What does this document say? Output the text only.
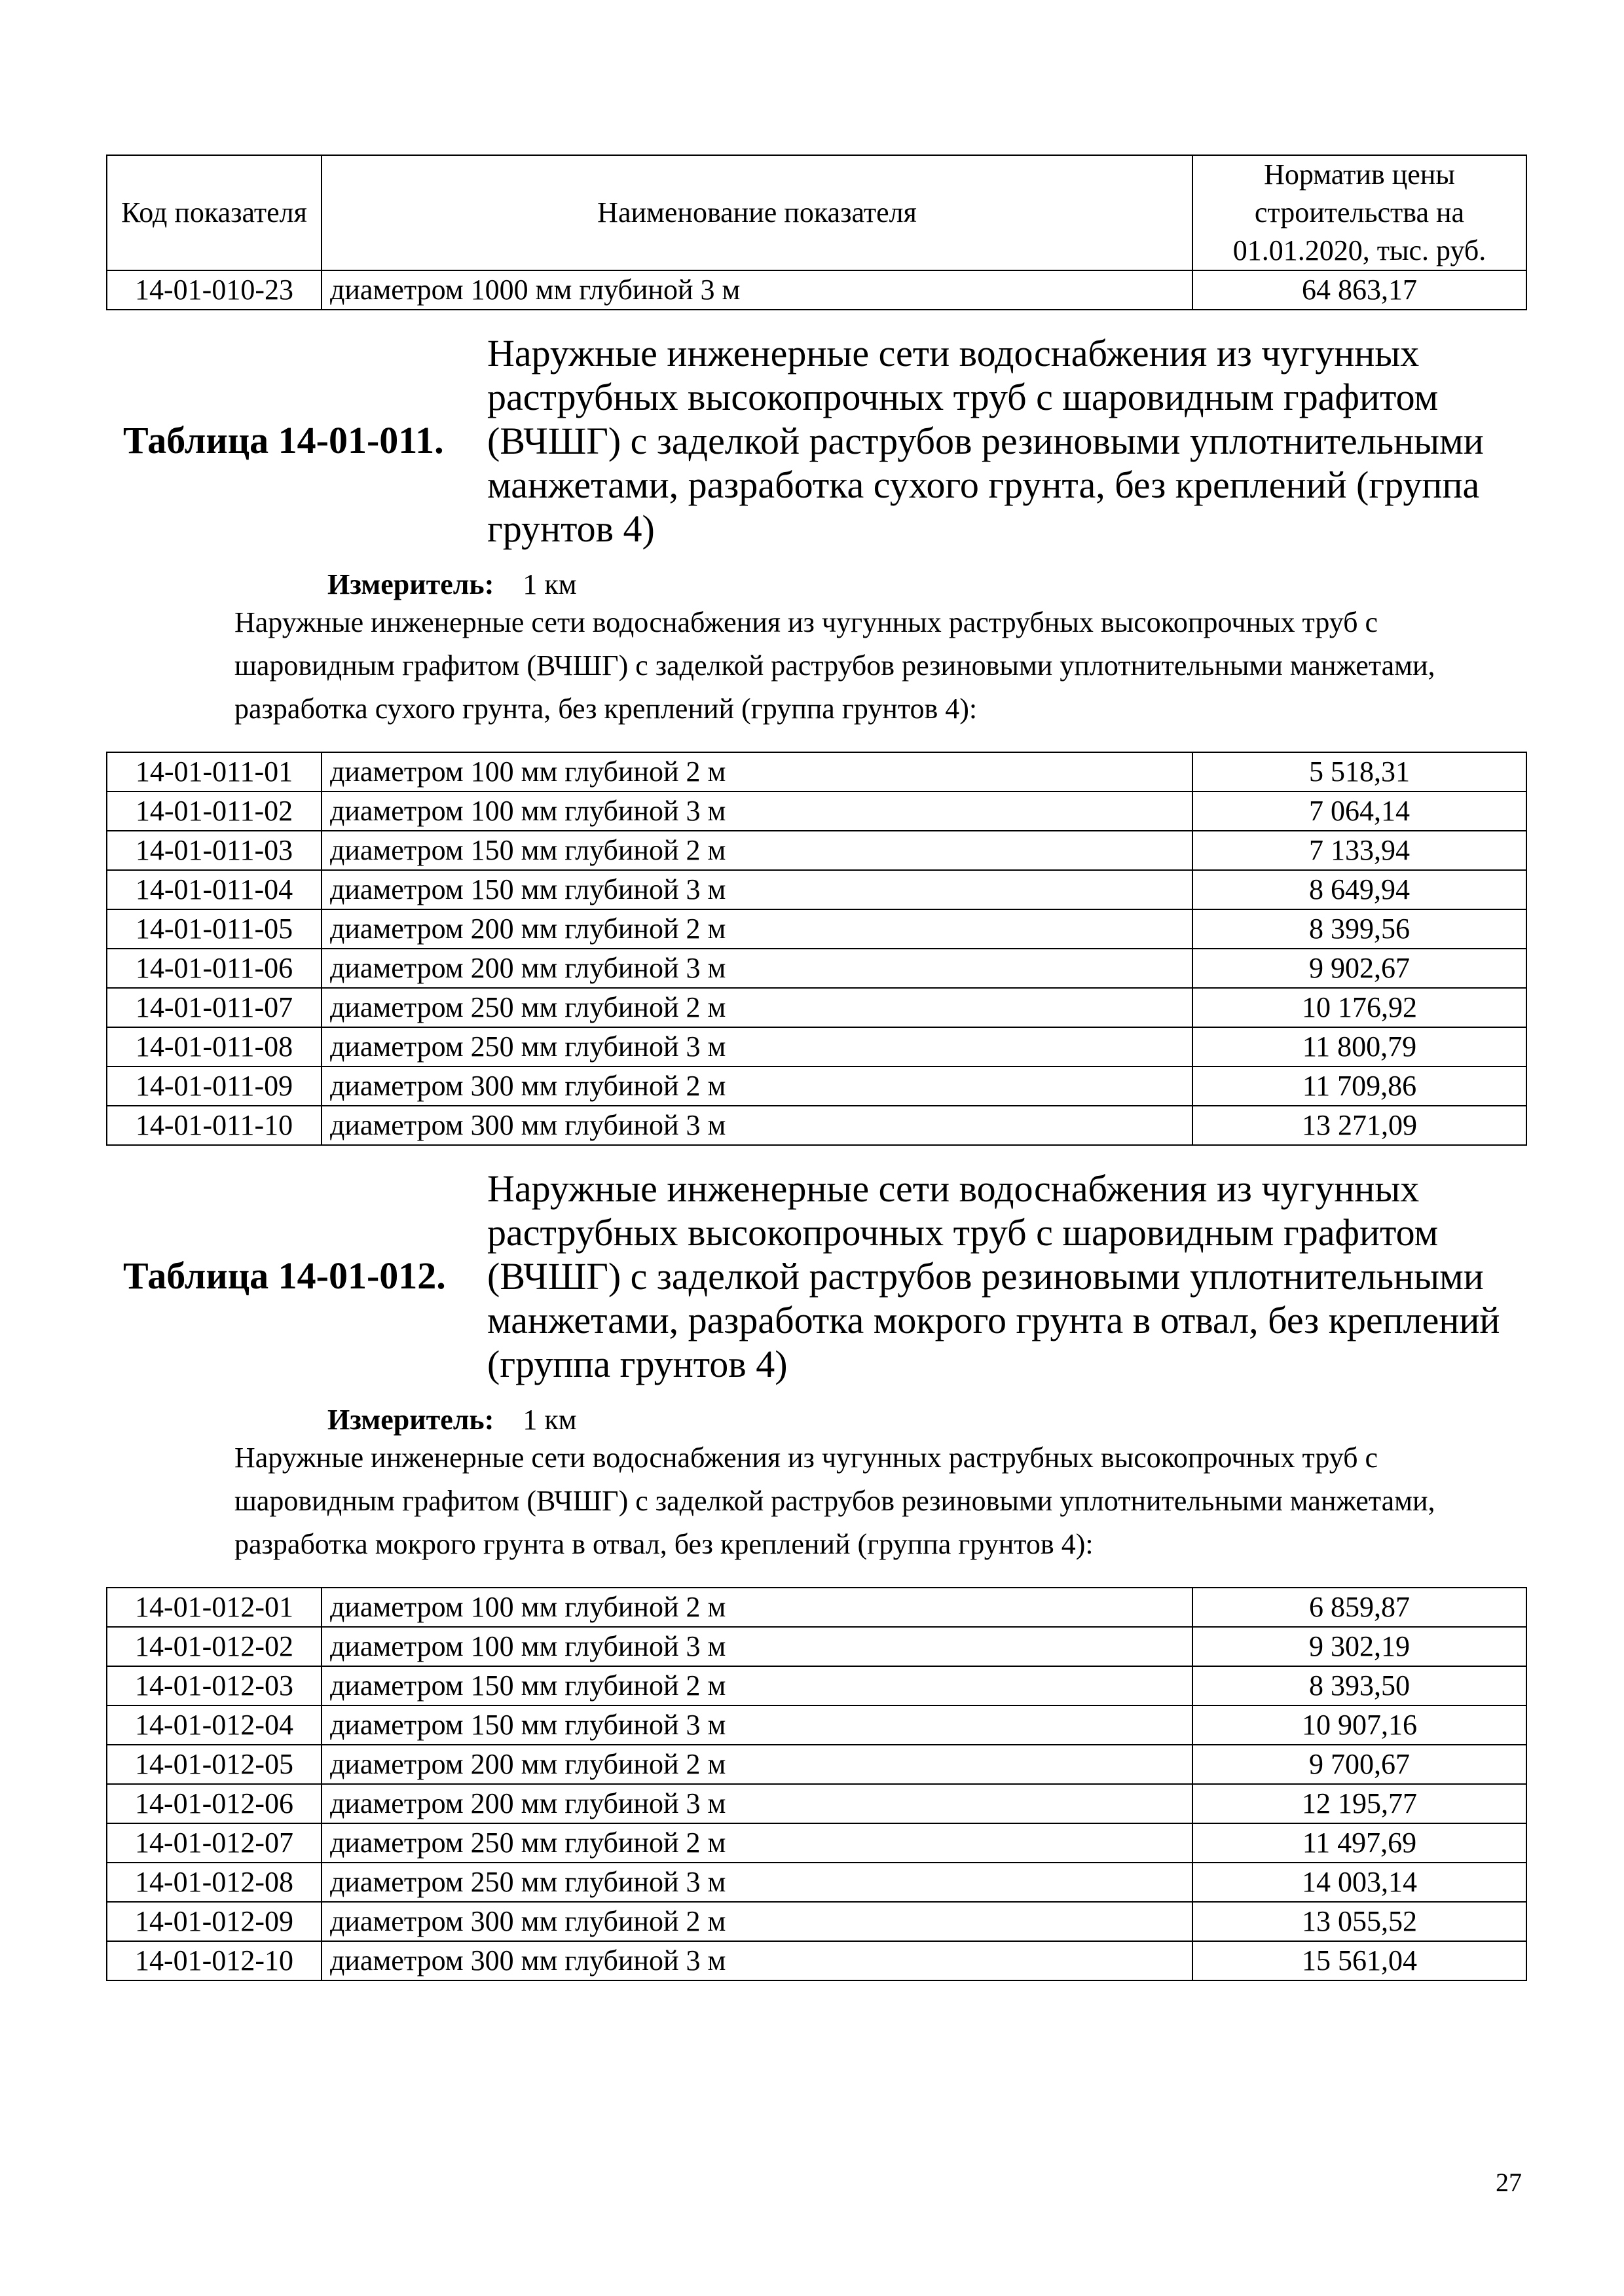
Код показателя	Наименование показателя	Норматив цены строительства на 01.01.2020, тыс. руб.
14-01-010-23	диаметром 1000 мм глубиной 3 м	64 863,17
Таблица 14-01-011.
Наружные инженерные сети водоснабжения из чугунных раструбных высокопрочных труб с шаровидным графитом (ВЧШГ) с заделкой раструбов резиновыми уплотнительными манжетами, разработка сухого грунта, без креплений (группа грунтов 4)
Измеритель: 1 км
Наружные инженерные сети водоснабжения из чугунных раструбных высокопрочных труб с шаровидным графитом (ВЧШГ) с заделкой раструбов резиновыми уплотнительными манжетами, разработка сухого грунта, без креплений (группа грунтов 4):
14-01-011-01	диаметром 100 мм глубиной 2 м	5 518,31
14-01-011-02	диаметром 100 мм глубиной 3 м	7 064,14
14-01-011-03	диаметром 150 мм глубиной 2 м	7 133,94
14-01-011-04	диаметром 150 мм глубиной 3 м	8 649,94
14-01-011-05	диаметром 200 мм глубиной 2 м	8 399,56
14-01-011-06	диаметром 200 мм глубиной 3 м	9 902,67
14-01-011-07	диаметром 250 мм глубиной 2 м	10 176,92
14-01-011-08	диаметром 250 мм глубиной 3 м	11 800,79
14-01-011-09	диаметром 300 мм глубиной 2 м	11 709,86
14-01-011-10	диаметром 300 мм глубиной 3 м	13 271,09
Таблица 14-01-012.
Наружные инженерные сети водоснабжения из чугунных раструбных высокопрочных труб с шаровидным графитом (ВЧШГ) с заделкой раструбов резиновыми уплотнительными манжетами, разработка мокрого грунта в отвал, без креплений (группа грунтов 4)
Измеритель: 1 км
Наружные инженерные сети водоснабжения из чугунных раструбных высокопрочных труб с шаровидным графитом (ВЧШГ) с заделкой раструбов резиновыми уплотнительными манжетами, разработка мокрого грунта в отвал, без креплений (группа грунтов 4):
14-01-012-01	диаметром 100 мм глубиной 2 м	6 859,87
14-01-012-02	диаметром 100 мм глубиной 3 м	9 302,19
14-01-012-03	диаметром 150 мм глубиной 2 м	8 393,50
14-01-012-04	диаметром 150 мм глубиной 3 м	10 907,16
14-01-012-05	диаметром 200 мм глубиной 2 м	9 700,67
14-01-012-06	диаметром 200 мм глубиной 3 м	12 195,77
14-01-012-07	диаметром 250 мм глубиной 2 м	11 497,69
14-01-012-08	диаметром 250 мм глубиной 3 м	14 003,14
14-01-012-09	диаметром 300 мм глубиной 2 м	13 055,52
14-01-012-10	диаметром 300 мм глубиной 3 м	15 561,04
27
